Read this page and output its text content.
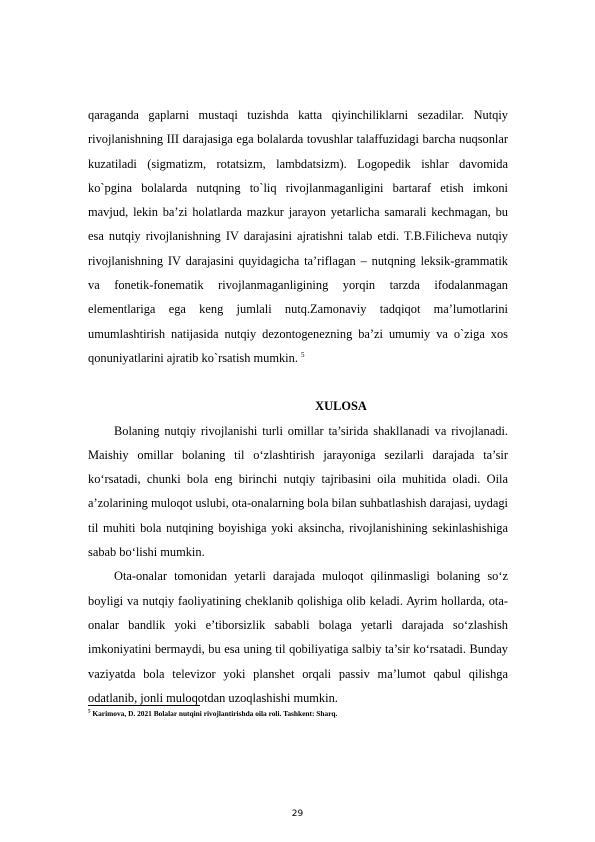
qaraganda gaplarni mustaqi tuzishda katta qiyinchiliklarni sezadilar. Nutqiy rivojlanishning III darajasiga ega bolalarda tovushlar talaffuzidagi barcha nuqsonlar kuzatiladi (sigmatizm, rotatsizm, lambdatsizm). Logopedik ishlar davomida ko`pgina bolalarda nutqning to`liq rivojlanmaganligini bartaraf etish imkoni mavjud, lekin ba’zi holatlarda mazkur jarayon yetarlicha samarali kechmagan, bu esa nutqiy rivojlanishning IV darajasini ajratishni talab etdi. T.B.Filicheva nutqiy rivojlanishning IV darajasini quyidagicha ta’riflagan – nutqning leksik-grammatik va fonetik-fonematik rivojlanmaganligining yorqin tarzda ifodalanmagan elementlariga ega keng jumlali nutq.Zamonaviy tadqiqot ma’lumotlarini umumlashtirish natijasida nutqiy dezontogenezning ba’zi umumiy va o`ziga xos qonuniyatlarini ajratib ko`rsatish mumkin. $^5$

XULOSA

Bolaning nutqiy rivojlanishi turli omillar ta’sirida shakllanadi va rivojlanadi. Maishiy omillar bolaning til o‘zlashtirish jarayoniga sezilarli darajada ta’sir ko‘rsatadi, chunki bola eng birinchi nutqiy tajribasini oila muhitida oladi. Oila a’zolarining muloqot uslubi, ota-onalarning bola bilan suhbatlashish darajasi, uydagi til muhiti bola nutqining boyishiga yoki aksincha, rivojlanishining sekinlashishiga sabab bo‘lishi mumkin.

Ota-onalar tomonidan yetarli darajada muloqot qilinmasligi bolaning so‘z boyligi va nutqiy faoliyatining cheklanib qolishiga olib keladi. Ayrim hollarda, ota-onalar bandlik yoki e’tiborsizlik sababli bolaga yetarli darajada so‘zlashish imkoniyatini bermaydi, bu esa uning til qobiliyatiga salbiy ta’sir ko‘rsatadi. Bunday vaziyatda bola televizor yoki planshet orqali passiv ma’lumot qabul qilishga odatlanib, jonli muloqotdan uzoqlashishi mumkin.

$^5$ Karimova, D. 2021 Bolalar nutqini rivojlantirishda oila roli. Tashkent: Sharq.

29
